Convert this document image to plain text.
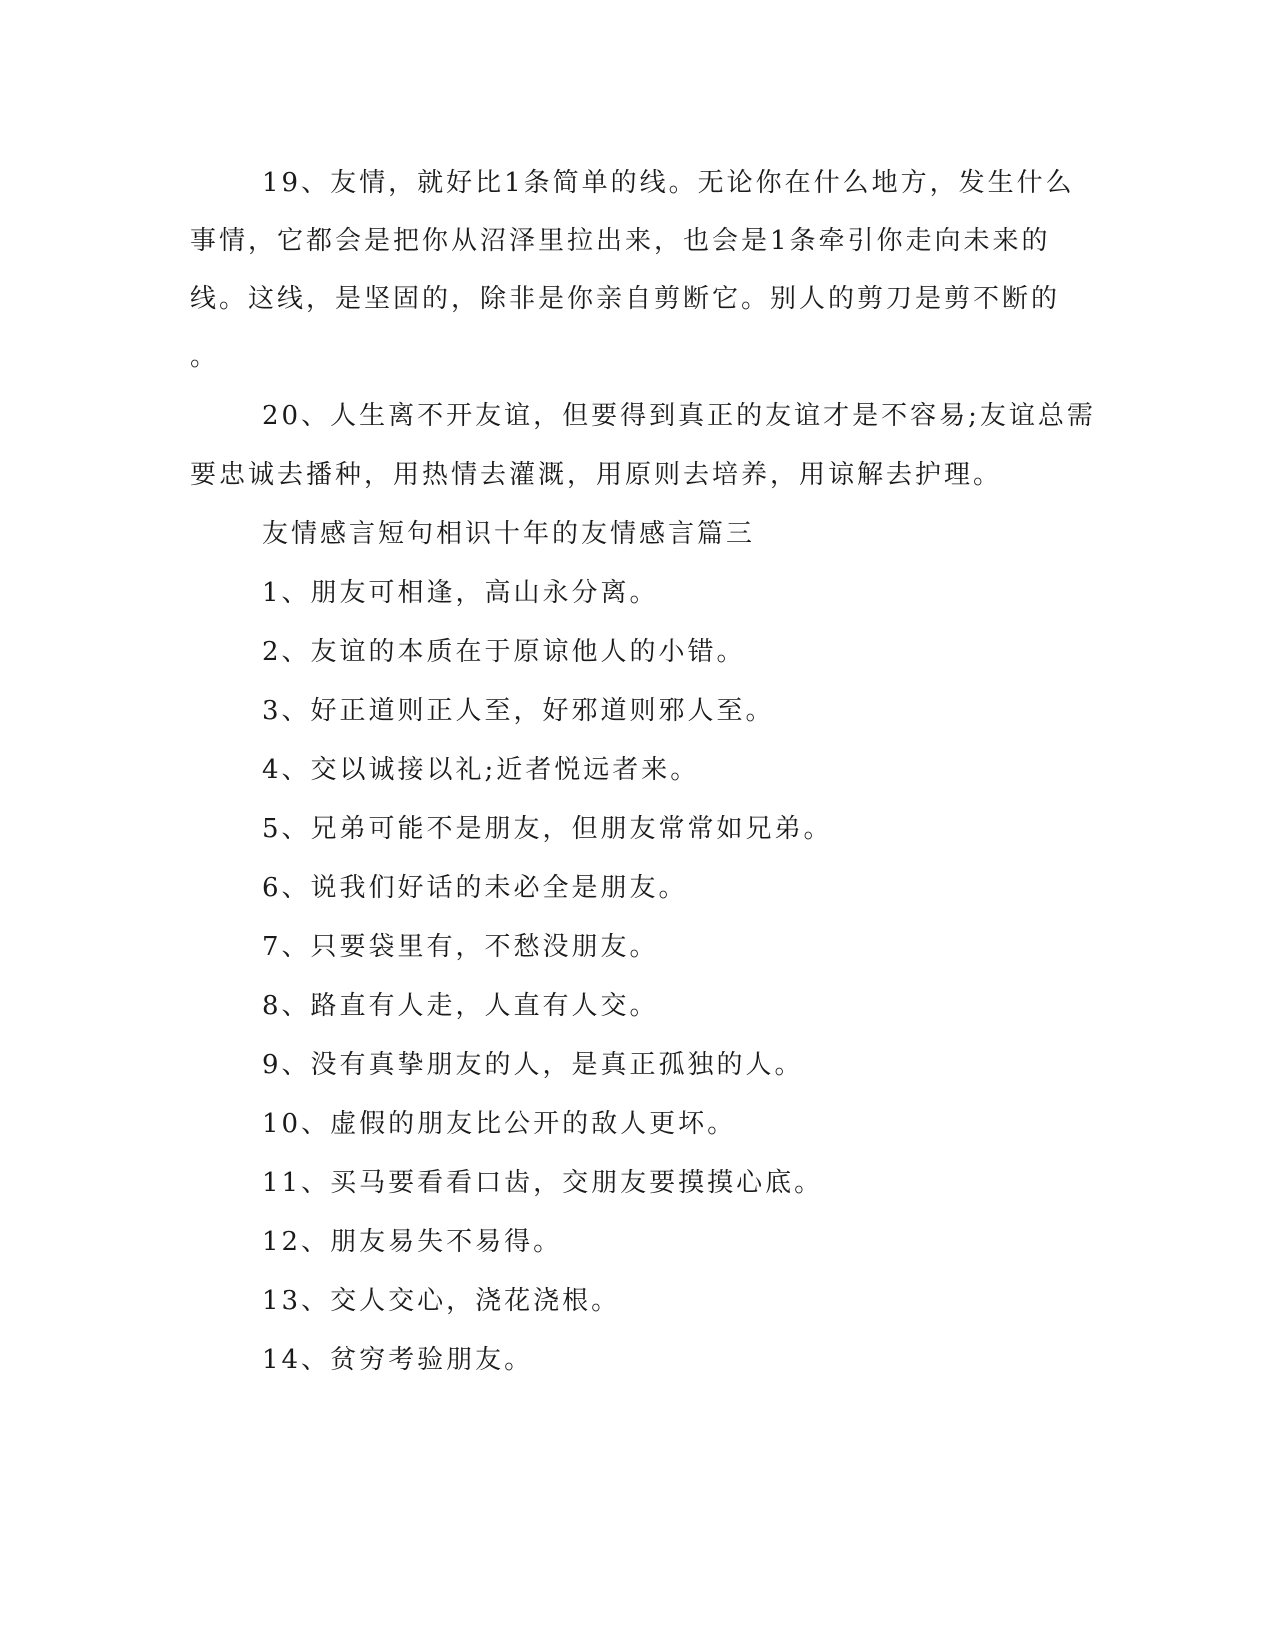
19、友情，就好比1条简单的线。无论你在什么地方，发生什么
事情，它都会是把你从沼泽里拉出来，也会是1条牵引你走向未来的
线。这线，是坚固的，除非是你亲自剪断它。别人的剪刀是剪不断的
。
20、人生离不开友谊，但要得到真正的友谊才是不容易;友谊总需
要忠诚去播种，用热情去灌溉，用原则去培养，用谅解去护理。
友情感言短句相识十年的友情感言篇三
1、朋友可相逢，高山永分离。
2、友谊的本质在于原谅他人的小错。
3、好正道则正人至，好邪道则邪人至。
4、交以诚接以礼;近者悦远者来。
5、兄弟可能不是朋友，但朋友常常如兄弟。
6、说我们好话的未必全是朋友。
7、只要袋里有，不愁没朋友。
8、路直有人走，人直有人交。
9、没有真挚朋友的人，是真正孤独的人。
10、虚假的朋友比公开的敌人更坏。
11、买马要看看口齿，交朋友要摸摸心底。
12、朋友易失不易得。
13、交人交心，浇花浇根。
14、贫穷考验朋友。
